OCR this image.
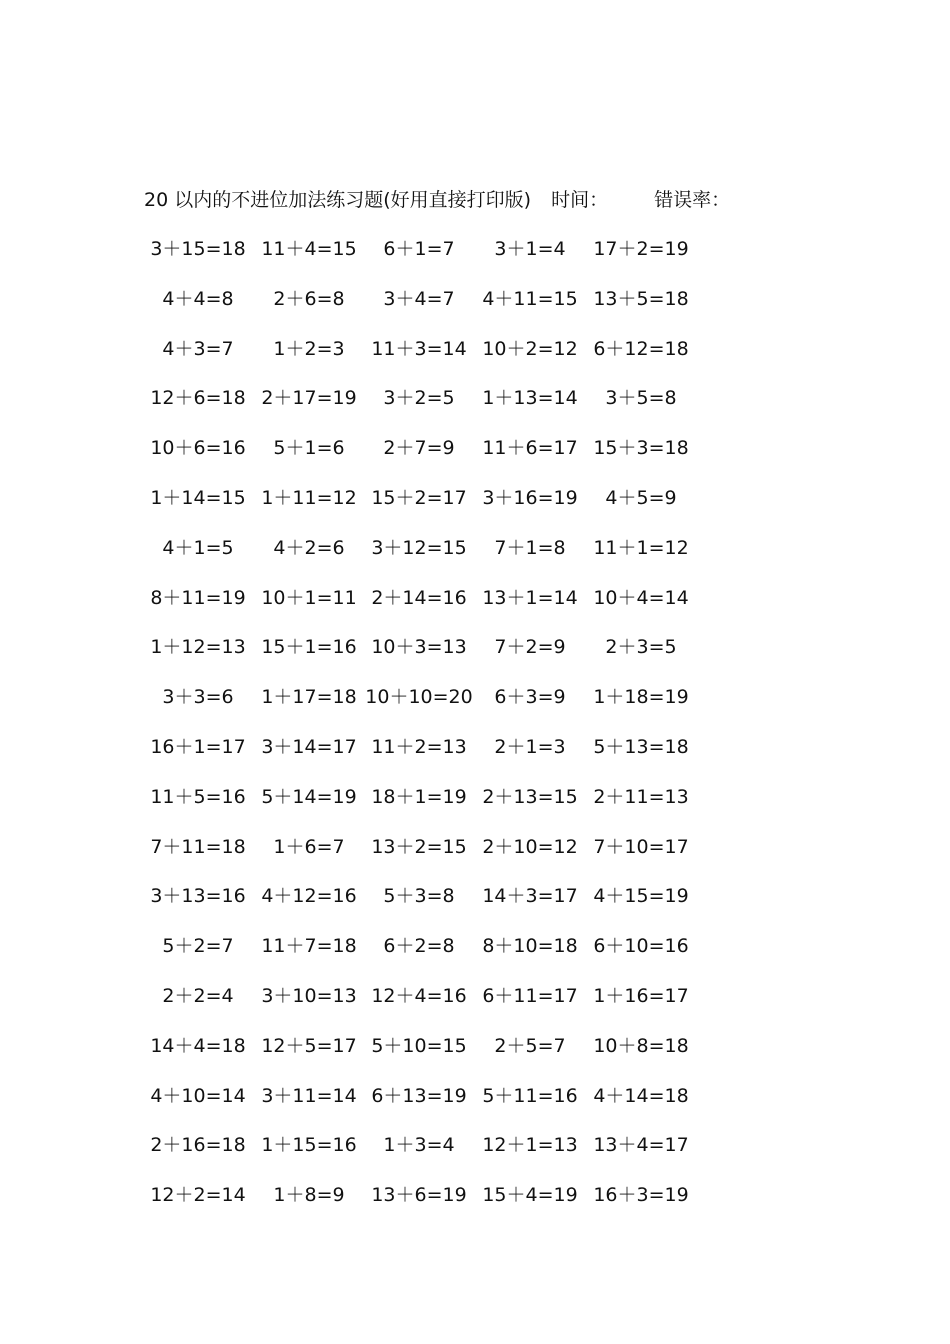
20 以内的不进位加法练习题(好用直接打印版) 时间： 错误率：
3＋15=18 11＋4=15	6＋1=7	3＋1=4	17＋2=19
4＋4=8	2＋6=8	3＋4=7	4＋11=15 13＋5=18
4＋3=7	1＋2=3	11＋3=14 10＋2=12 6＋12=18
12＋6=18 2＋17=19	3＋2=5	1＋13=14	3＋5=8
10＋6=16	5＋1=6	2＋7=9	11＋6=17 15＋3=18
1＋14=15 1＋11=12 15＋2=17 3＋16=19	4＋5=9
4＋1=5	4＋2=6	3＋12=15	7＋1=8	11＋1=12
8＋11=19 10＋1=11 2＋14=16 13＋1=14 10＋4=14
1＋12=13 15＋1=16 10＋3=13	7＋2=9	2＋3=5
3＋3=6	1＋17=18 10＋10=20	6＋3=9	1＋18=19
16＋1=17 3＋14=17 11＋2=13	2＋1=3	5＋13=18
11＋5=16 5＋14=19 18＋1=19 2＋13=15 2＋11=13
7＋11=18	1＋6=7	13＋2=15 2＋10=12 7＋10=17
3＋13=16 4＋12=16	5＋3=8	14＋3=17 4＋15=19
5＋2=7	11＋7=18	6＋2=8	8＋10=18 6＋10=16
2＋2=4	3＋10=13 12＋4=16 6＋11=17 1＋16=17
14＋4=18 12＋5=17 5＋10=15	2＋5=7	10＋8=18
4＋10=14 3＋11=14 6＋13=19 5＋11=16 4＋14=18
2＋16=18 1＋15=16	1＋3=4	12＋1=13 13＋4=17
12＋2=14	1＋8=9	13＋6=19 15＋4=19 16＋3=19
